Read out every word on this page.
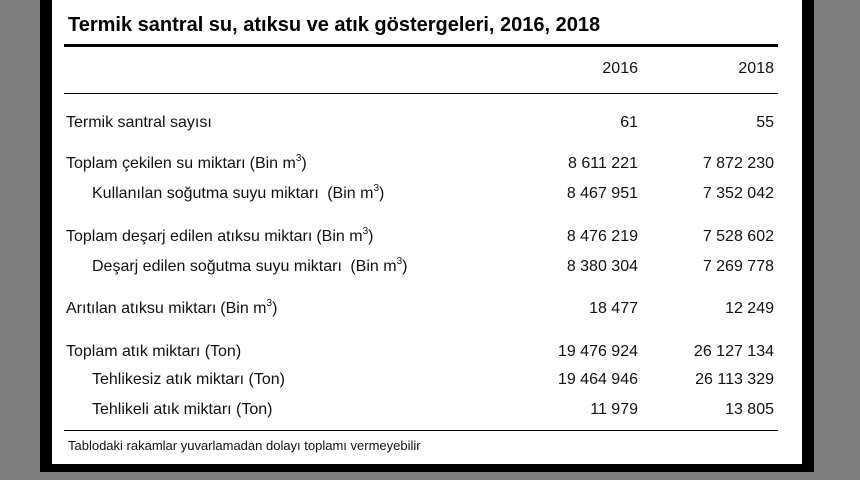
Termik santral su, atıksu ve atık göstergeleri, 2016, 2018
2016	2018
Termik santral sayısı	61	55
Toplam çekilen su miktarı (Bin $m^3$)	8 611 221	7 872 230
Kullanılan soğutma suyu miktarı (Bin $m^3$)	8 467 951	7 352 042
Toplam deşarj edilen atıksu miktarı (Bin $m^3$)	8 476 219	7 528 602
Deşarj edilen soğutma suyu miktarı (Bin $m^3$)	8 380 304	7 269 778
Arıtılan atıksu miktarı (Bin $m^3$)	18 477	12 249
Toplam atık miktarı (Ton)	19 476 924	26 127 134
Tehlikesiz atık miktarı (Ton)	19 464 946	26 113 329
Tehlikeli atık miktarı (Ton)	11 979	13 805
Tablodaki rakamlar yuvarlamadan dolayı toplamı vermeyebilir
